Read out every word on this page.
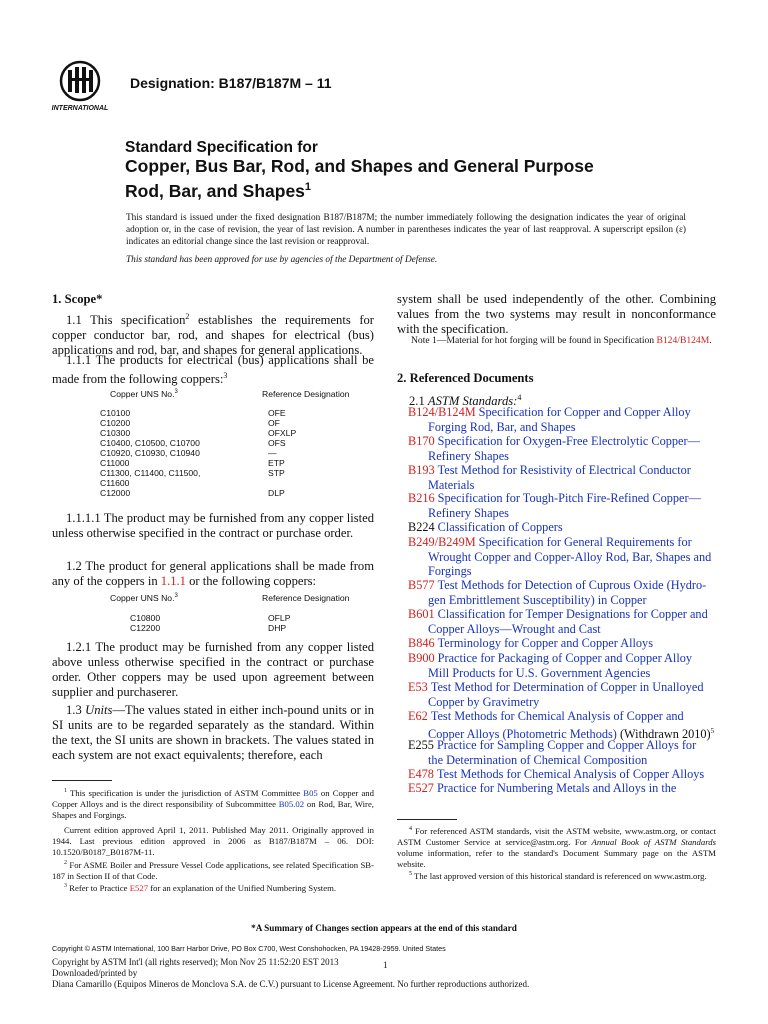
INTERNATIONAL
Designation: B187/B187M – 11
Standard Specification for
Copper, Bus Bar, Rod, and Shapes and General Purpose
Rod, Bar, and Shapes$^1$
This standard is issued under the fixed designation B187/B187M; the number immediately following the designation indicates the year of original adoption or, in the case of revision, the year of last revision. A number in parentheses indicates the year of last reapproval. A superscript epsilon (ε) indicates an editorial change since the last revision or reapproval.
This standard has been approved for use by agencies of the Department of Defense.
1. Scope*
1.1 This specification$^2$ establishes the requirements for copper conductor bar, rod, and shapes for electrical (bus) applications and rod, bar, and shapes for general applications.
1.1.1 The products for electrical (bus) applications shall be made from the following coppers:$^3$
Copper UNS No.$^3$	Reference Designation
C10100	OFE
C10200	OF
C10300	OFXLP
C10400, C10500, C10700	OFS
C10920, C10930, C10940	—
C11000	ETP
C11300, C11400, C11500,	STP
C11600	
C12000	DLP
1.1.1.1 The product may be furnished from any copper listed unless otherwise specified in the contract or purchase order.
1.2 The product for general applications shall be made from any of the coppers in 1.1.1 or the following coppers:
Copper UNS No.$^3$	Reference Designation
C10800	OFLP
C12200	DHP
1.2.1 The product may be furnished from any copper listed above unless otherwise specified in the contract or purchase order. Other coppers may be used upon agreement between supplier and purchaserer.
1.3 Units—The values stated in either inch-pound units or in SI units are to be regarded separately as the standard. Within the text, the SI units are shown in brackets. The values stated in each system are not exact equivalents; therefore, each
$^1$ This specification is under the jurisdiction of ASTM Committee B05 on Copper and Copper Alloys and is the direct responsibility of Subcommittee B05.02 on Rod, Bar, Wire, Shapes and Forgings.
Current edition approved April 1, 2011. Published May 2011. Originally approved in 1944. Last previous edition approved in 2006 as B187/B187M – 06. DOI: 10.1520/B0187_B0187M-11.
$^2$ For ASME Boiler and Pressure Vessel Code applications, see related Specification SB-187 in Section II of that Code.
$^3$ Refer to Practice E527 for an explanation of the Unified Numbering System.
system shall be used independently of the other. Combining values from the two systems may result in nonconformance with the specification.
Note 1—Material for hot forging will be found in Specification B124/B124M.
2. Referenced Documents
2.1 ASTM Standards:$^4$
B124/B124M Specification for Copper and Copper Alloy
Forging Rod, Bar, and Shapes
B170 Specification for Oxygen-Free Electrolytic Copper—
Refinery Shapes
B193 Test Method for Resistivity of Electrical Conductor
Materials
B216 Specification for Tough-Pitch Fire-Refined Copper—
Refinery Shapes
B224 Classification of Coppers
B249/B249M Specification for General Requirements for
Wrought Copper and Copper-Alloy Rod, Bar, Shapes and
Forgings
B577 Test Methods for Detection of Cuprous Oxide (Hydro-
gen Embrittlement Susceptibility) in Copper
B601 Classification for Temper Designations for Copper and
Copper Alloys—Wrought and Cast
B846 Terminology for Copper and Copper Alloys
B900 Practice for Packaging of Copper and Copper Alloy
Mill Products for U.S. Government Agencies
E53 Test Method for Determination of Copper in Unalloyed
Copper by Gravimetry
E62 Test Methods for Chemical Analysis of Copper and
Copper Alloys (Photometric Methods) (Withdrawn 2010)$^5$
E255 Practice for Sampling Copper and Copper Alloys for
the Determination of Chemical Composition
E478 Test Methods for Chemical Analysis of Copper Alloys
E527 Practice for Numbering Metals and Alloys in the
$^4$ For referenced ASTM standards, visit the ASTM website, www.astm.org, or contact ASTM Customer Service at service@astm.org. For Annual Book of ASTM Standards volume information, refer to the standard's Document Summary page on the ASTM website.
$^5$ The last approved version of this historical standard is referenced on www.astm.org.
*A Summary of Changes section appears at the end of this standard
Copyright © ASTM International, 100 Barr Harbor Drive, PO Box C700, West Conshohocken, PA 19428-2959. United States
Copyright by ASTM Int'l (all rights reserved); Mon Nov 25 11:52:20 EST 2013
Downloaded/printed by
Diana Camarillo (Equipos Mineros de Monclova S.A. de C.V.) pursuant to License Agreement. No further reproductions authorized.
1
